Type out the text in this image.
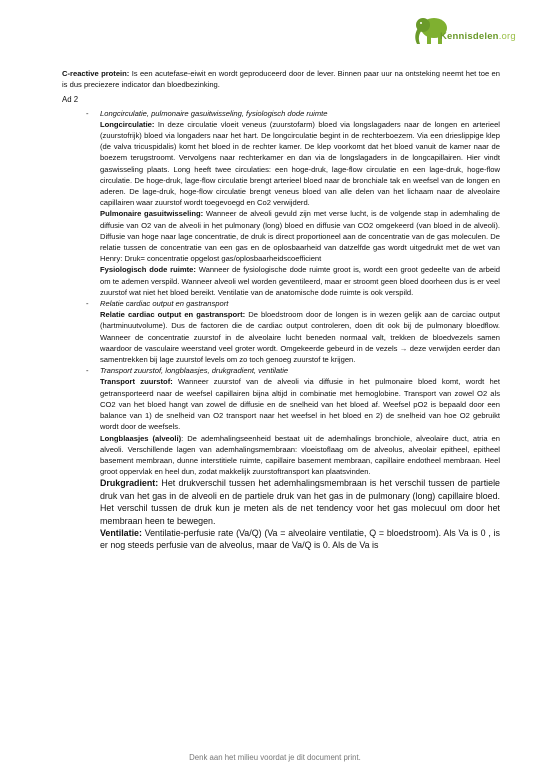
Kennisdelen.org

C-reactive protein: Is een acutefase-eiwit en wordt geproduceerd door de lever. Binnen paar uur na ontsteking neemt het toe en is dus preciezere indicator dan bloedbezinking.

Ad 2
- Longcirculatie, pulmonaire gasuitwisseling, fysiologisch dode ruimte

Longcirculatie: In deze circulatie vloeit veneus (zuurstofarm) bloed via longslagaders naar de longen en arterieel (zuurstofrijk) bloed via longaders naar het hart. De longcirculatie begint in de rechterboezem. Via een drieslippige klep (de valva tricuspidalis) komt het bloed in de rechter kamer. De klep voorkomt dat het bloed vanuit de kamer naar de boezem terugstroomt. Vervolgens naar rechterkamer en dan via de longslagaders in de longcapillairen. Hier vindt gaswisseling plaats. Long heeft twee circulaties: een hoge-druk, lage-flow circulatie en een lage-druk, hoge-flow circulatie. De hoge-druk, lage-flow circulatie brengt arterieel bloed naar de bronchiale tak en weefsel van de longen en aderen. De lage-druk, hoge-flow circulatie brengt veneus bloed van alle delen van het lichaam naar de alveolaire capillairen waar zuurstof wordt toegevoegd en Co2 verwijderd.

Pulmonaire gasuitwisseling: Wanneer de alveoli gevuld zijn met verse lucht, is de volgende stap in ademhaling de diffusie van O2 van de alveoli in het pulmonary (long) bloed en diffusie van CO2 omgekeerd (van bloed in de alveoli). Diffusie van hoge naar lage concentratie, de druk is direct proportioneel aan de concentratie van de gas moleculen. De relatie tussen de concentratie van een gas en de oplosbaarheid van datzelfde gas wordt uitgedrukt met de wet van Henry: Druk= concentratie opgelost gas/oplosbaarheidscoefficient

Fysiologisch dode ruimte: Wanneer de fysiologische dode ruimte groot is, wordt een groot gedeelte van de arbeid om te ademen verspild. Wanneer alveoli wel worden geventileerd, maar er stroomt geen bloed doorheen dus is er veel zuurstof wat niet het bloed bereikt. Ventilatie van de anatomische dode ruimte is ook verspild.

- Relatie cardiac output en gastransport

Relatie cardiac output en gastransport: De bloedstroom door de longen is in wezen gelijk aan de carciac output (hartminuutvolume). Dus de factoren die de cardiac output controleren, doen dit ook bij de pulmonary bloedflow. Wanneer de concentratie zuurstof in de alveolaire lucht beneden normaal valt, trekken de bloedvezels samen waardoor de vasculaire weerstand veel groter wordt. Omgekeerde gebeurd in de vezels → deze verwijden eerder dan samentrekken bij lage zuurstof levels om zo toch genoeg zuurstof te krijgen.

- Transport zuurstof, longblaasjes, drukgradient, ventilatie

Transport zuurstof: Wanneer zuurstof van de alveoli via diffusie in het pulmonaire bloed komt, wordt het getransporteerd naar de weefsel capillairen bijna altijd in combinatie met hemoglobine. Transport van zowel O2 als CO2 van het bloed hangt van zowel de diffusie en de snelheid van het bloed af. Weefsel pO2 is bepaald door een balance van 1) de snelheid van O2 transport naar het weefsel in het bloed en 2) de snelheid van hoe O2 gebruikt wordt door de weefsels.

Longblaasjes (alveoli): De ademhalingseenheid bestaat uit de ademhalings bronchiole, alveolaire duct, atria en alveoli. Verschillende lagen van ademhalingsmembraan: vloeistoflaag om de alveolus, alveolair epitheel, epitheel basement membraan, dunne interstitiele ruimte, capillaire basement membraan, capillaire endotheel membraan. Heel groot oppervlak en heel dun, zodat makkelijk zuurstoftransport kan plaatsvinden.

Drukgradient: Het drukverschil tussen het ademhalingsmembraan is het verschil tussen de partiele druk van het gas in de alveoli en de partiele druk van het gas in de pulmonary (long) capillaire bloed. Het verschil tussen de druk kun je meten als de net tendency voor het gas molecuul om door het membraan heen te bewegen.

Ventilatie: Ventilatie-perfusie rate (Va/Q) (Va = alveolaire ventilatie, Q = bloedstroom). Als Va is 0 , is er nog steeds perfusie van de alveolus, maar de Va/Q is 0. Als de Va is

Denk aan het milieu voordat je dit document print.
